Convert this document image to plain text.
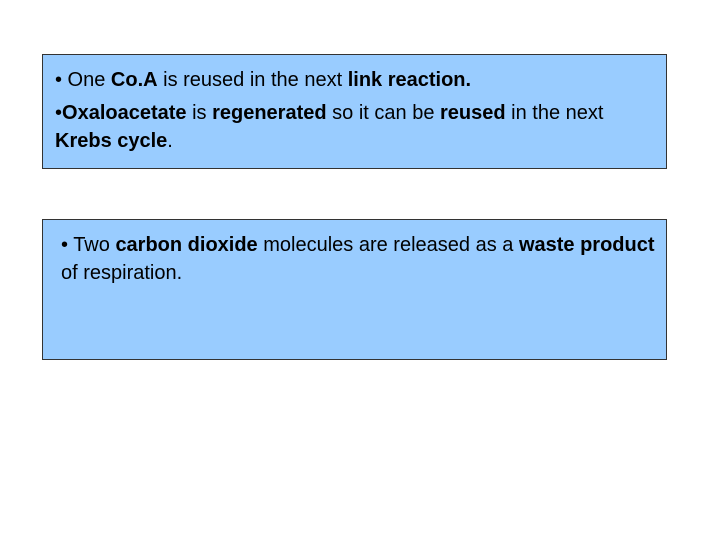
• One Co.A is reused in the next link reaction.

•Oxaloacetate is regenerated so it can be reused in the next Krebs cycle.

• Two carbon dioxide molecules are released as a waste product of respiration.
